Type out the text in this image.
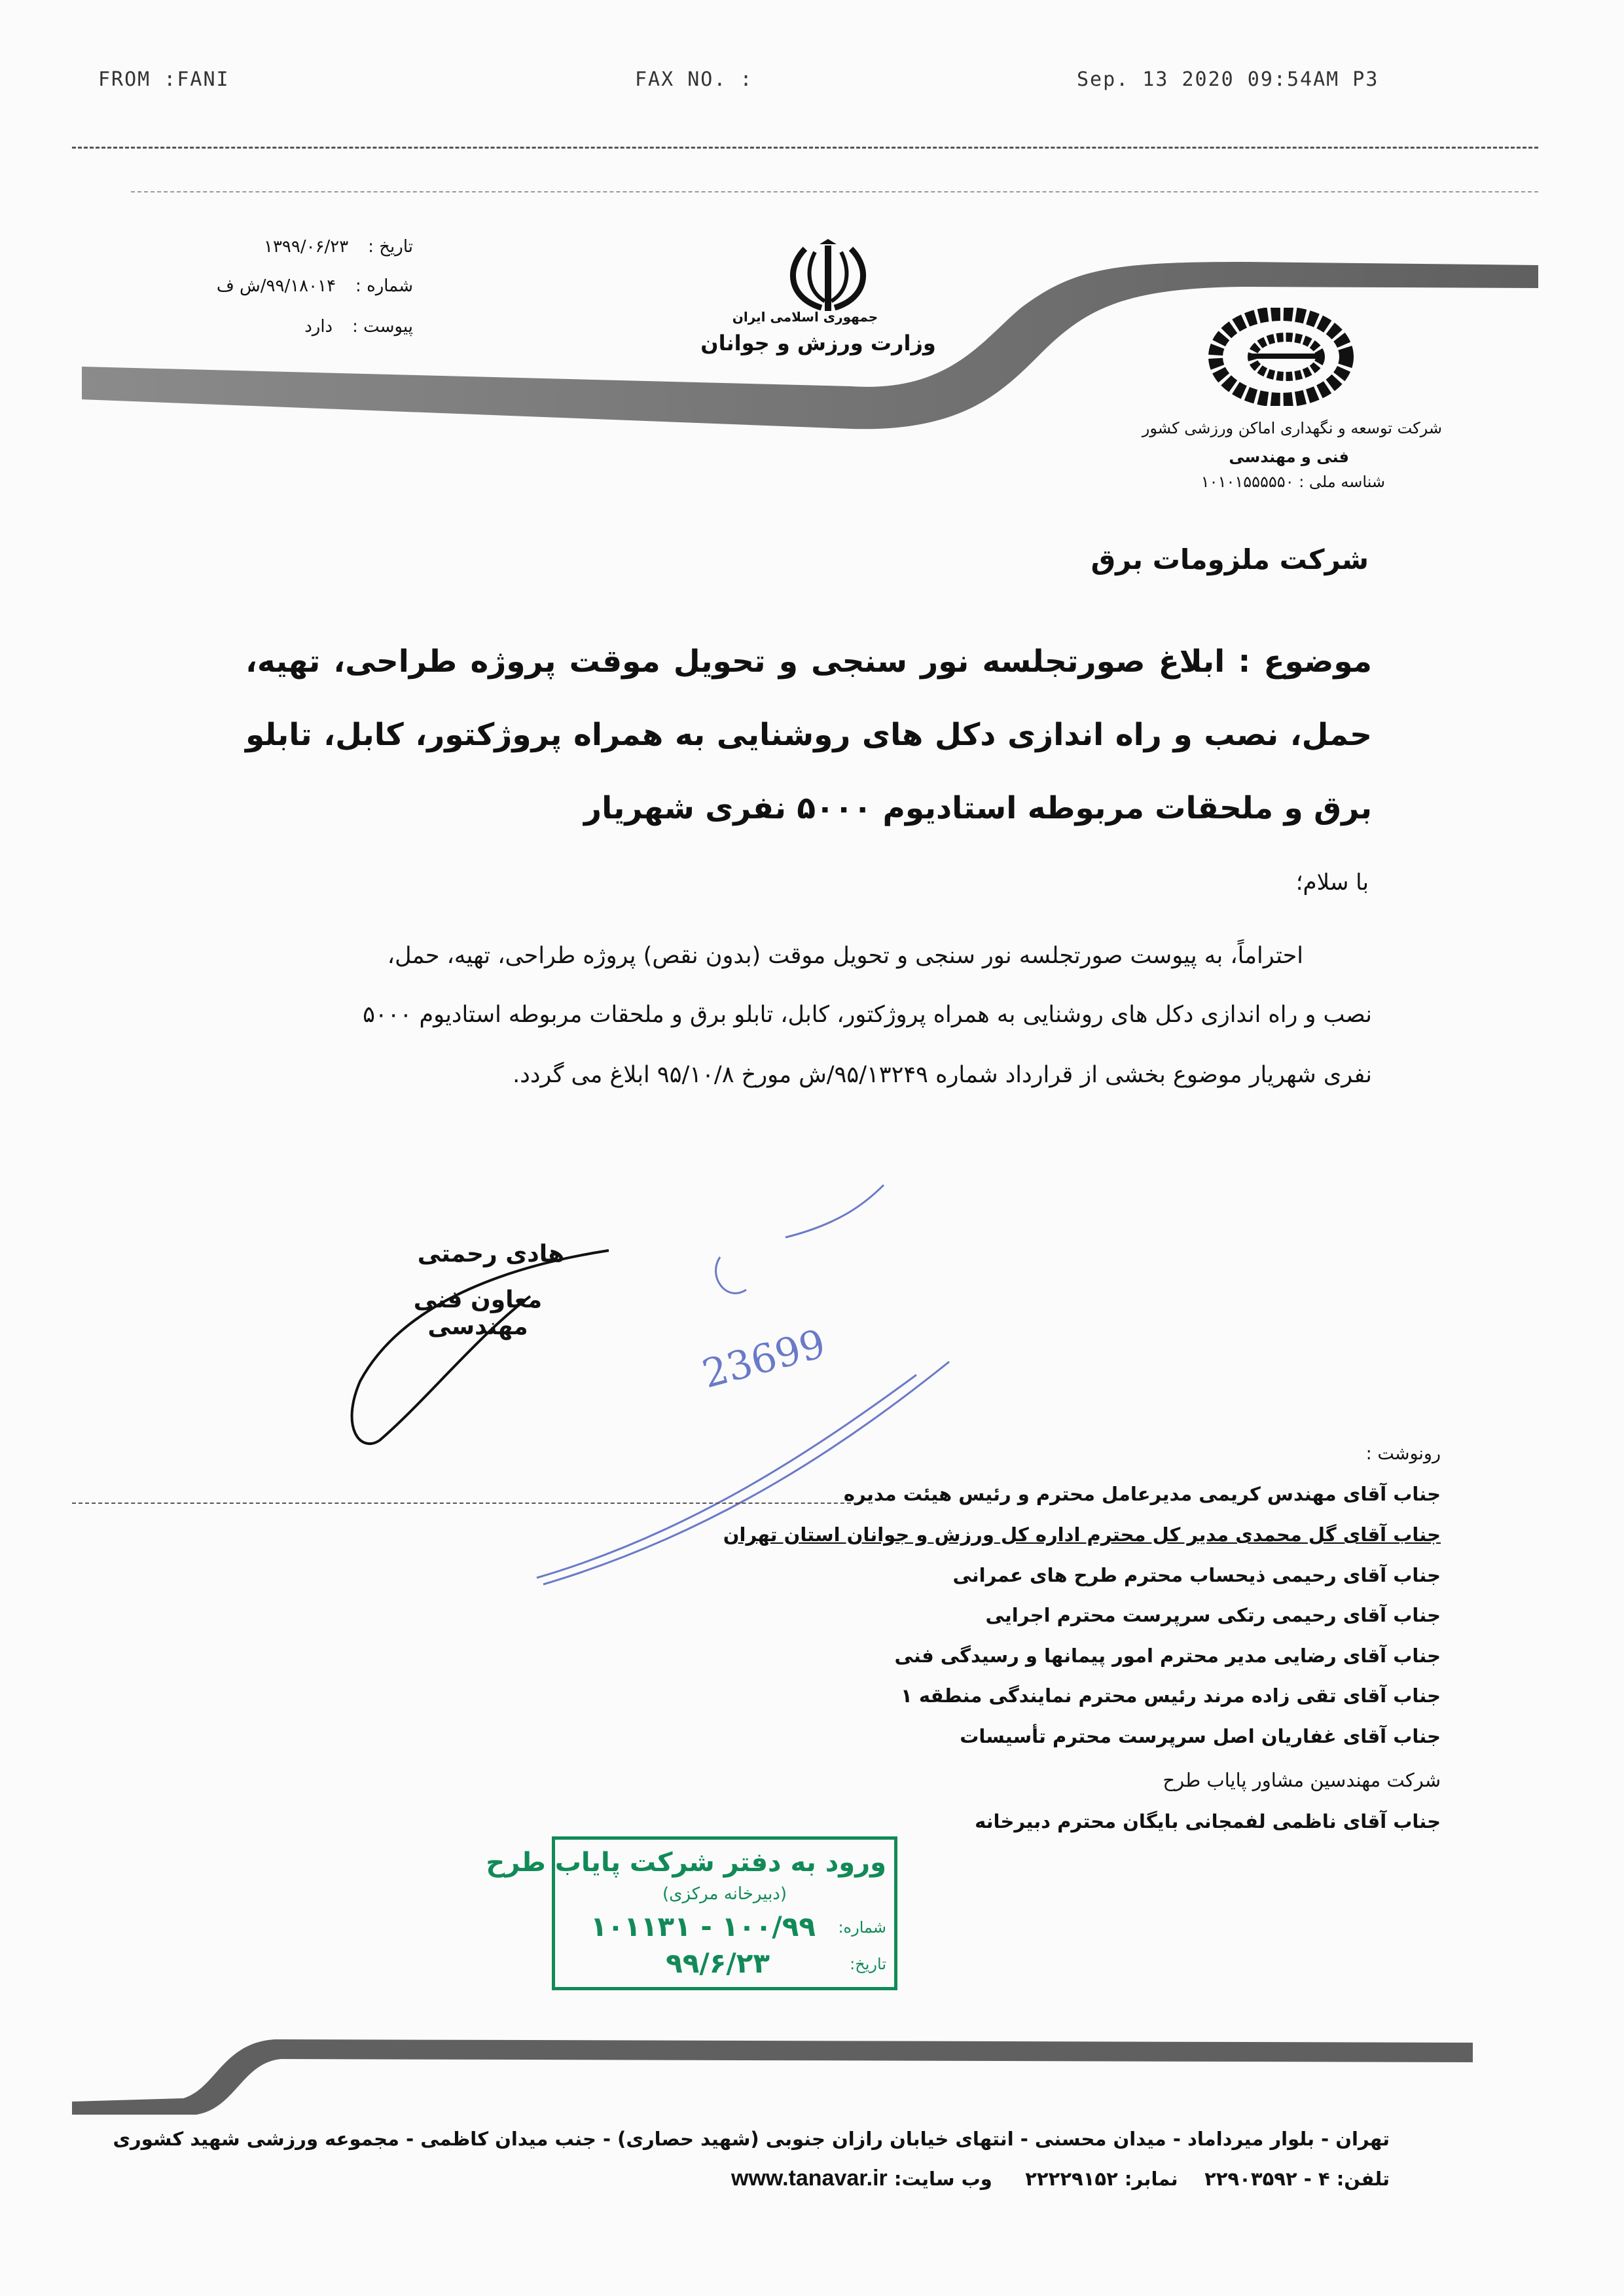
FROM :FANI	FAX NO. :	Sep. 13 2020 09:54AM P3
تاریخ :۱۳۹۹/۰۶/۲۳
شماره :۹۹/۱۸۰۱۴/ش ف
پیوست :دارد	جمهوری اسلامی ایران
وزارت ورزش و جوانان
شرکت توسعه و نگهداری اماکن ورزشی کشور
فنی و مهندسی
شناسه ملی : ۱۰۱۰۱۵۵۵۵۵۰
شرکت ملزومات برق
موضوع : ابلاغ صورتجلسه نور سنجی و تحویل موقت پروژه طراحی، تهیه، حمل، نصب و راه اندازی دکل های روشنایی به همراه پروژکتور، کابل، تابلو برق و ملحقات مربوطه استادیوم ۵۰۰۰ نفری شهریار
با سلام؛
احتراماً، به پیوست صورتجلسه نور سنجی و تحویل موقت (بدون نقص) پروژه طراحی، تهیه، حمل،
نصب و راه اندازی دکل های روشنایی به همراه پروژکتور، کابل، تابلو برق و ملحقات مربوطه استادیوم ۵۰۰۰
نفری شهریار موضوع بخشی از قرارداد شماره ۹۵/۱۳۲۴۹/ش مورخ ۹۵/۱۰/۸ ابلاغ می گردد.
هادی رحمتی
معاون فنی مهندسی	23699
رونوشت :
جناب آقای مهندس کریمی مدیرعامل محترم و رئیس هیئت مدیره
جناب آقای گل محمدی مدیر کل محترم اداره کل ورزش و جوانان استان تهران
جناب آقای رحیمی ذیحساب محترم طرح های عمرانی
جناب آقای رحیمی رتکی سرپرست محترم اجرایی
جناب آقای رضایی مدیر محترم امور پیمانها و رسیدگی فنی
جناب آقای تقی زاده مرند رئیس محترم نمایندگی منطقه ۱
جناب آقای غفاریان اصل سرپرست محترم تأسیسات
شرکت مهندسین مشاور پایاب طرح
جناب آقای ناظمی لفمجانی بایگان محترم دبیرخانه
ورود به دفتر شرکت پایاب طرح
(دبیرخانه مرکزی)
شماره:
۱۰۰/۹۹ - ۱۰۱۱۳۱
تاریخ:
۹۹/۶/۲۳
تهران - بلوار میرداماد - میدان محسنی - انتهای خیابان رازان جنوبی (شهید حصاری) - جنب میدان کاظمی - مجموعه ورزشی شهید کشوری
تلفن: ۴ - ۲۲۹۰۳۵۹۲    نمابر: ۲۲۲۲۹۱۵۲     وب سایت: www.tanavar.ir
